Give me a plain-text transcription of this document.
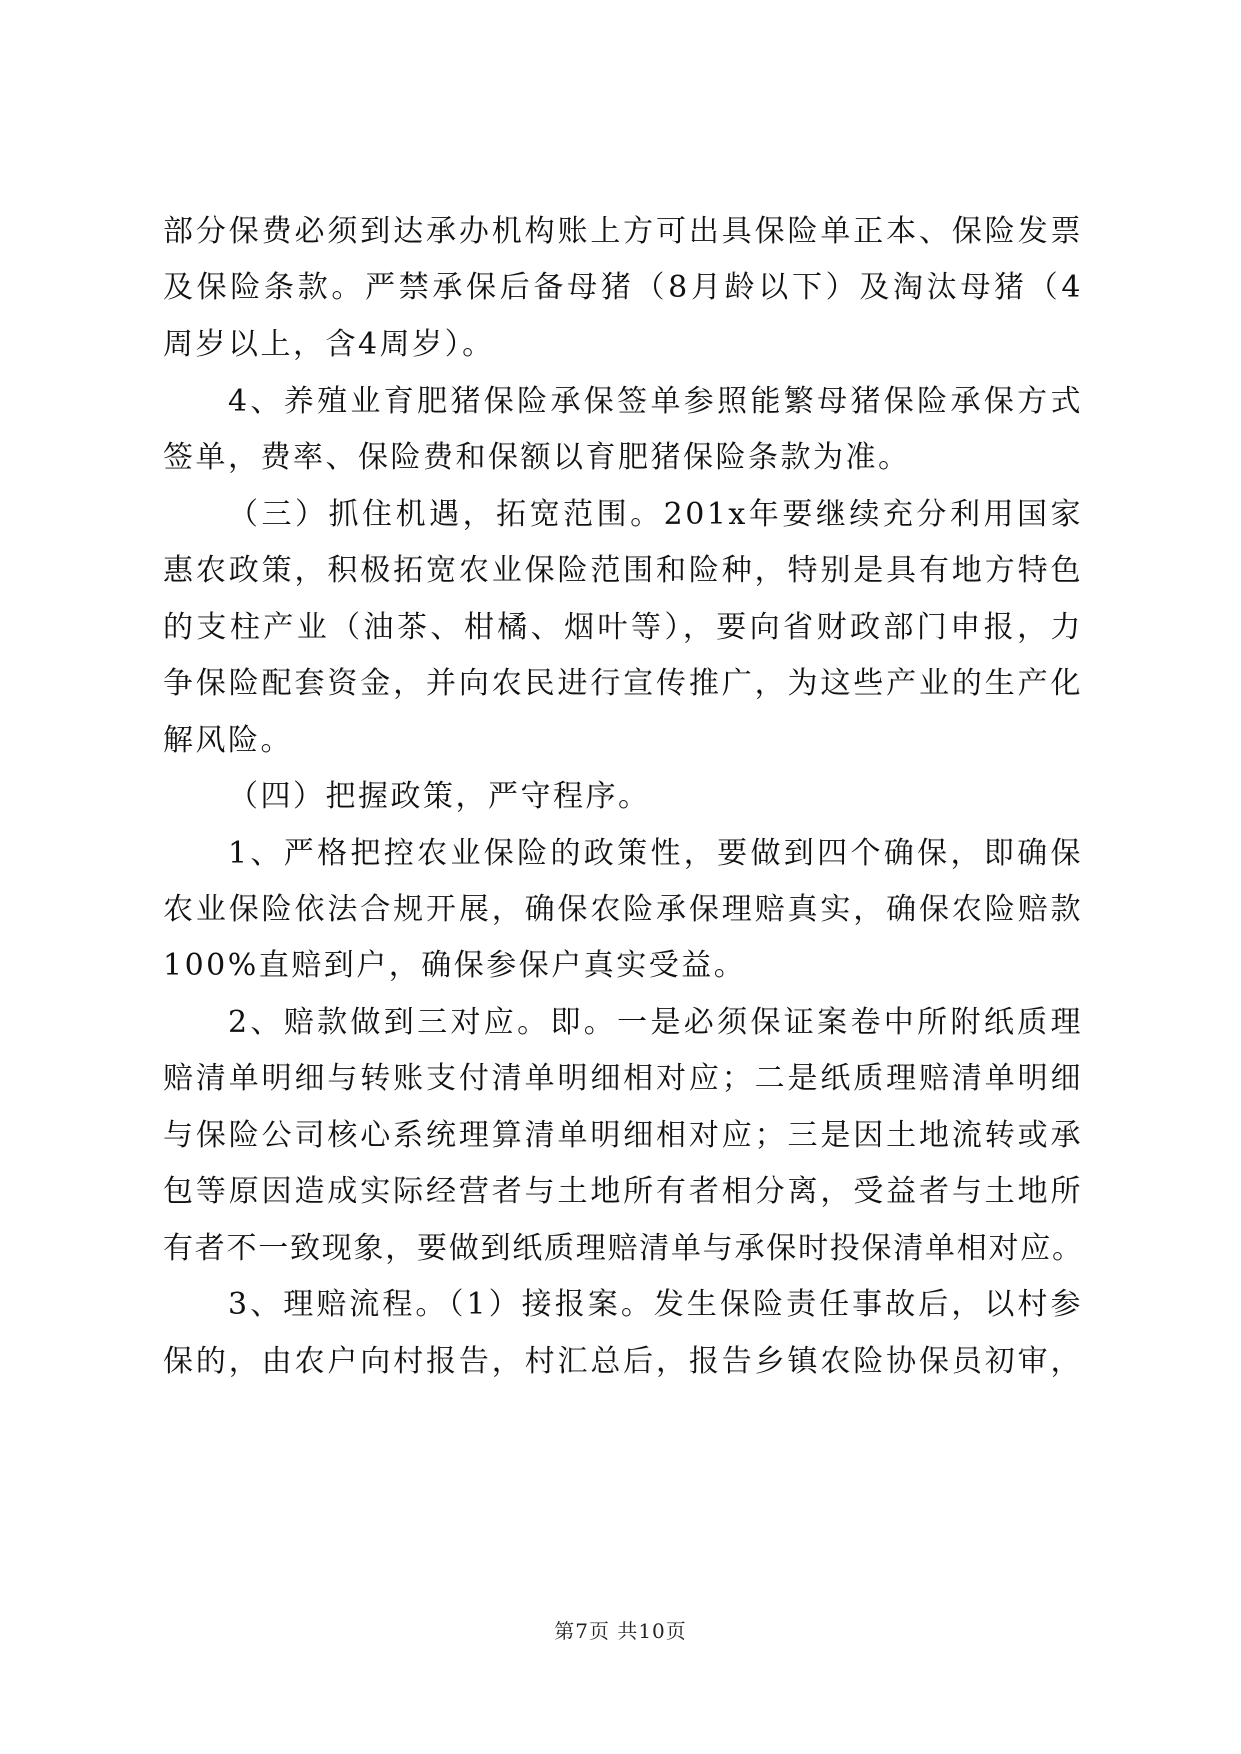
部分保费必须到达承办机构账上方可出具保险单正本、保险发票
及保险条款。严禁承保后备母猪（8月龄以下）及淘汰母猪（4
周岁以上，含4周岁）。
4、养殖业育肥猪保险承保签单参照能繁母猪保险承保方式
签单，费率、保险费和保额以育肥猪保险条款为准。
（三）抓住机遇，拓宽范围。201x年要继续充分利用国家
惠农政策，积极拓宽农业保险范围和险种，特别是具有地方特色
的支柱产业（油茶、柑橘、烟叶等），要向省财政部门申报，力
争保险配套资金，并向农民进行宣传推广，为这些产业的生产化
解风险。
（四）把握政策，严守程序。
1、严格把控农业保险的政策性，要做到四个确保，即确保
农业保险依法合规开展，确保农险承保理赔真实，确保农险赔款
100%直赔到户，确保参保户真实受益。
2、赔款做到三对应。即。一是必须保证案卷中所附纸质理
赔清单明细与转账支付清单明细相对应；二是纸质理赔清单明细
与保险公司核心系统理算清单明细相对应；三是因土地流转或承
包等原因造成实际经营者与土地所有者相分离，受益者与土地所
有者不一致现象，要做到纸质理赔清单与承保时投保清单相对应。
3、理赔流程。（1）接报案。发生保险责任事故后，以村参
保的，由农户向村报告，村汇总后，报告乡镇农险协保员初审，
第7页 共10页
